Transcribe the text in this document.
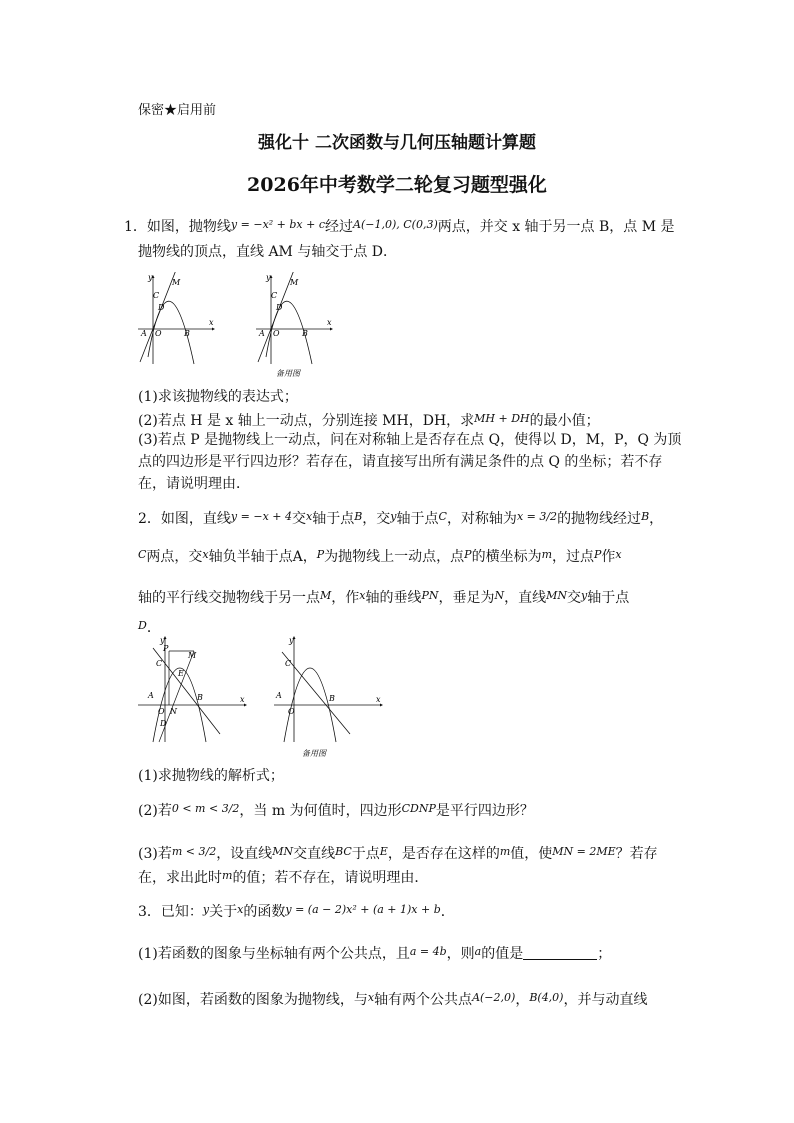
保密★启用前
强化十 二次函数与几何压轴题计算题
2026年中考数学二轮复习题型强化
1．如图，抛物线$^{y = -x^2 + bx + c}$经过$^{A(-1,0), C(0,3)}$两点，并交 x 轴于另一点 B，点 M 是
抛物线的顶点，直线 AM 与轴交于点 D．
y
x
M
C
D
A O	B
y
x
M
C
D
A O	B
备用图
(1)求该抛物线的表达式；
(2)若点 H 是 x 轴上一动点，分别连接 MH，DH，求$^{MH + DH}$的最小值；
(3)若点 P 是抛物线上一动点，问在对称轴上是否存在点 Q，使得以 D，M，P，Q 为顶
点的四边形是平行四边形？若存在，请直接写出所有满足条件的点 Q 的坐标；若不存
在，请说明理由．
2．如图，直线$^{y = -x + 4}$交$^x$轴于点$^B$，交$^y$轴于点$^C$，对称轴为$^{x = 3/2}$的抛物线经过$^B$，
$^C$两点，交$^x$轴负半轴于点A，$^P$为抛物线上一动点，点$^P$的横坐标为$^m$，过点$^P$作$^x$
轴的平行线交抛物线于另一点$^M$，作$^x$轴的垂线$^{PN}$，垂足为$^N$，直线$^{MN}$交$^y$轴于点
$^D$．
y
x
P
M
C
E
A
O N
B
D
y
x
C
A
O
B
备用图
(1)求抛物线的解析式；
(2)若$^{0 < m < 3/2}$，当 m 为何值时，四边形$^{CDNP}$是平行四边形？
(3)若$^{m < 3/2}$，设直线$^{MN}$交直线$^{BC}$于点$^E$，是否存在这样的$^m$值，使$^{MN = 2ME}$？若存
在，求出此时$^m$的值；若不存在，请说明理由．
3．已知：$^y$关于$^x$的函数$^{y = (a - 2)x^2 + (a + 1)x + b}$．
(1)若函数的图象与坐标轴有两个公共点，且$^{a = 4b}$，则$^a$的值是	；
(2)如图，若函数的图象为抛物线，与$^x$轴有两个公共点$^{A(-2,0)}$，$^{B(4,0)}$，并与动直线
